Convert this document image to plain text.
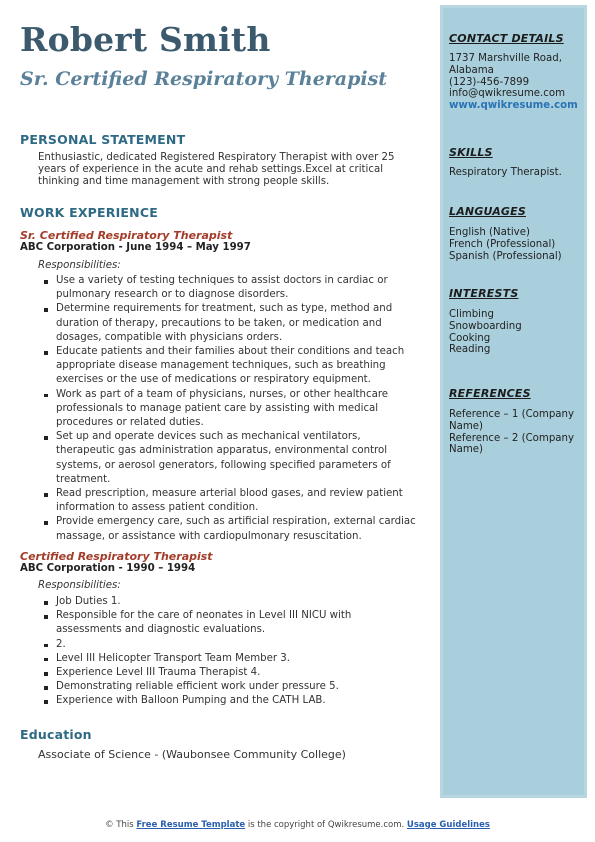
Robert Smith
Sr. Certified Respiratory Therapist
PERSONAL STATEMENT
Enthusiastic, dedicated Registered Respiratory Therapist with over 25 years of experience in the acute and rehab settings.Excel at critical thinking and time management with strong people skills.
WORK EXPERIENCE
Sr. Certified Respiratory Therapist
ABC Corporation - June 1994 – May 1997
Responsibilities:
Use a variety of testing techniques to assist doctors in cardiac or pulmonary research or to diagnose disorders.
Determine requirements for treatment, such as type, method and duration of therapy, precautions to be taken, or medication and dosages, compatible with physicians orders.
Educate patients and their families about their conditions and teach appropriate disease management techniques, such as breathing exercises or the use of medications or respiratory equipment.
Work as part of a team of physicians, nurses, or other healthcare professionals to manage patient care by assisting with medical procedures or related duties.
Set up and operate devices such as mechanical ventilators, therapeutic gas administration apparatus, environmental control systems, or aerosol generators, following specified parameters of treatment.
Read prescription, measure arterial blood gases, and review patient information to assess patient condition.
Provide emergency care, such as artificial respiration, external cardiac massage, or assistance with cardiopulmonary resuscitation.
Certified Respiratory Therapist
ABC Corporation - 1990 – 1994
Responsibilities:
Job Duties 1.
Responsible for the care of neonates in Level III NICU with assessments and diagnostic evaluations.
2.
Level III Helicopter Transport Team Member 3.
Experience Level III Trauma Therapist 4.
Demonstrating reliable efficient work under pressure 5.
Experience with Balloon Pumping and the CATH LAB.
Education
Associate of Science - (Waubonsee Community College)
CONTACT DETAILS
1737 Marshville Road,
Alabama
(123)-456-7899
info@qwikresume.com
www.qwikresume.com
SKILLS
Respiratory Therapist.
LANGUAGES
English (Native)
French (Professional)
Spanish (Professional)
INTERESTS
Climbing
Snowboarding
Cooking
Reading
REFERENCES
Reference – 1 (Company Name)
Reference – 2 (Company Name)
© This Free Resume Template is the copyright of Qwikresume.com. Usage Guidelines
